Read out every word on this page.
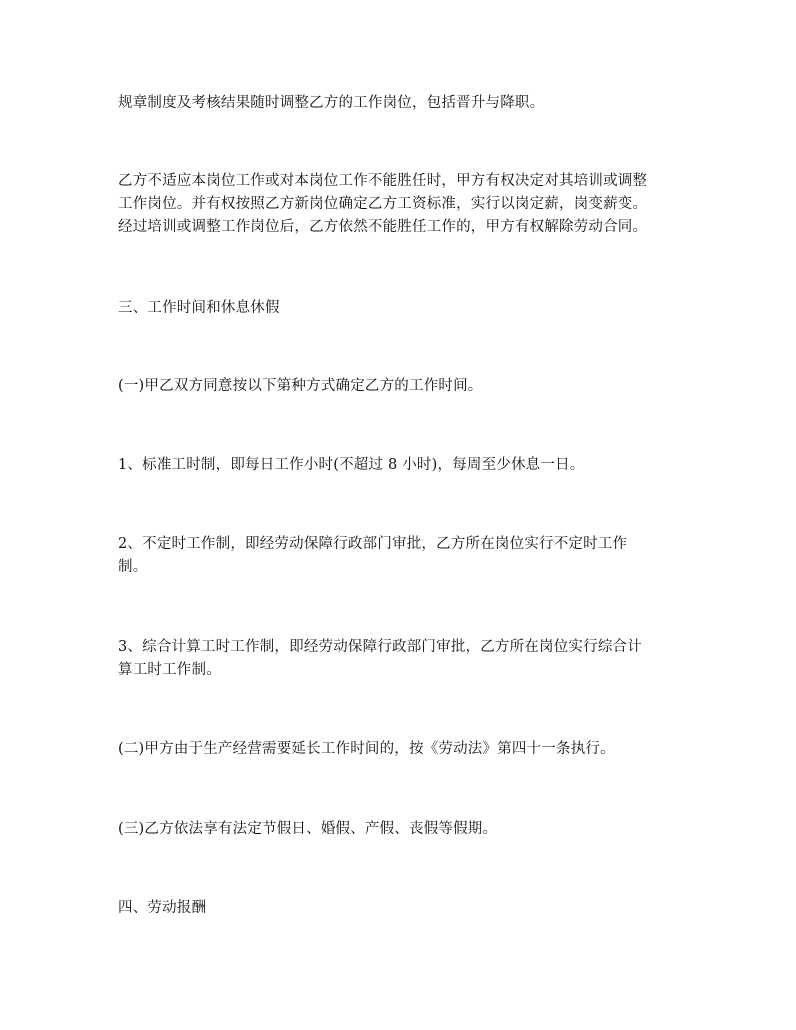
规章制度及考核结果随时调整乙方的工作岗位，包括晋升与降职。

乙方不适应本岗位工作或对本岗位工作不能胜任时，甲方有权决定对其培训或调整
工作岗位。并有权按照乙方新岗位确定乙方工资标准，实行以岗定薪，岗变薪变。
经过培训或调整工作岗位后，乙方依然不能胜任工作的，甲方有权解除劳动合同。

三、工作时间和休息休假

(一)甲乙双方同意按以下第种方式确定乙方的工作时间。

1、标准工时制，即每日工作小时(不超过 8 小时)，每周至少休息一日。

2、不定时工作制，即经劳动保障行政部门审批，乙方所在岗位实行不定时工作
制。

3、综合计算工时工作制，即经劳动保障行政部门审批，乙方所在岗位实行综合计
算工时工作制。

(二)甲方由于生产经营需要延长工作时间的，按《劳动法》第四十一条执行。

(三)乙方依法享有法定节假日、婚假、产假、丧假等假期。

四、劳动报酬
